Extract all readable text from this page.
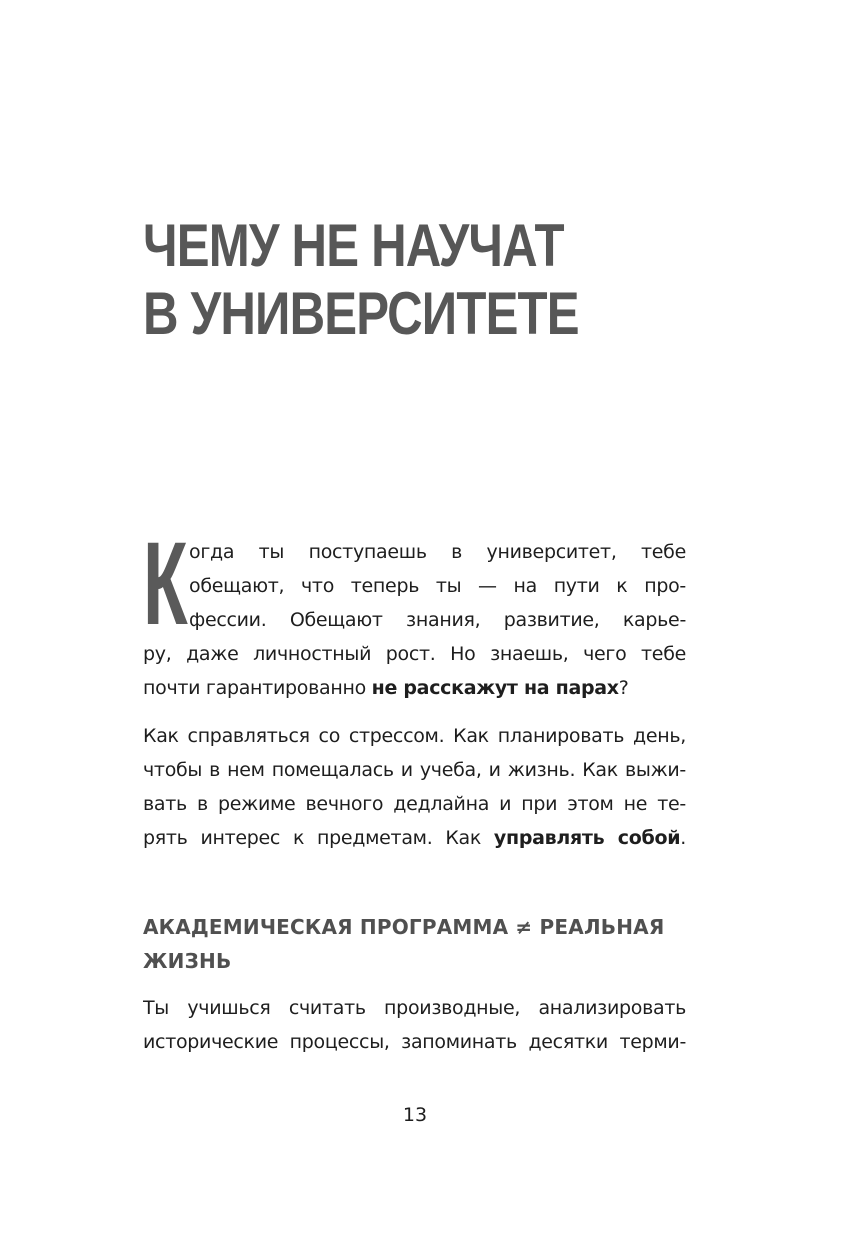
ЧЕМУ НЕ НАУЧАТ
В УНИВЕРСИТЕТЕ
К огда ты поступаешь в университет, тебе
обещают, что теперь ты — на пути к про-
фессии. Обещают знания, развитие, карье-
ру, даже личностный рост. Но знаешь, чего тебе
почти гарантированно не расскажут на парах?
Как справляться со стрессом. Как планировать день,
чтобы в нем помещалась и учеба, и жизнь. Как выжи-
вать в режиме вечного дедлайна и при этом не те-
рять интерес к предметам. Как управлять собой.
АКАДЕМИЧЕСКАЯ ПРОГРАММА ≠ РЕАЛЬНАЯ
ЖИЗНЬ
Ты учишься считать производные, анализировать
исторические процессы, запоминать десятки терми-
13
